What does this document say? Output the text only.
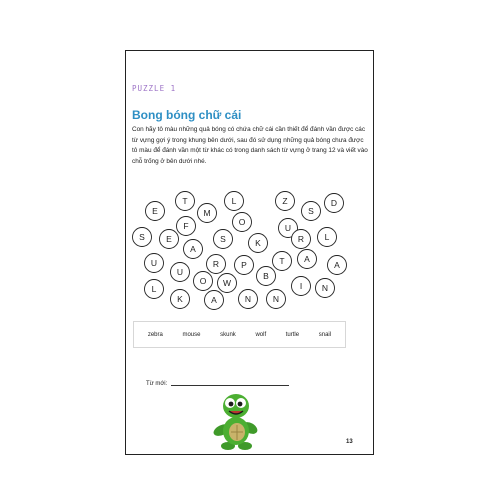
PUZZLE 1
Bong bóng chữ cái
Con hãy tô màu những quả bóng có chứa chữ cái cần thiết để đánh vần được các từ vựng gợi ý trong khung bên dưới, sau đó sử dụng những quả bóng chưa được tô màu để đánh vần một từ khác có trong danh sách từ vựng ở trang 12 và viết vào chỗ trống ở bên dưới nhé.
T	L	Z	D
E	M	S
F	O
U
S	E	S	K	R L
A
R
U	P	T A
U	B
A
L
O W	N
K	A	N	N
I
zebra	mouse	skunk	wolf	turtle	snail
Từ mới:
13
